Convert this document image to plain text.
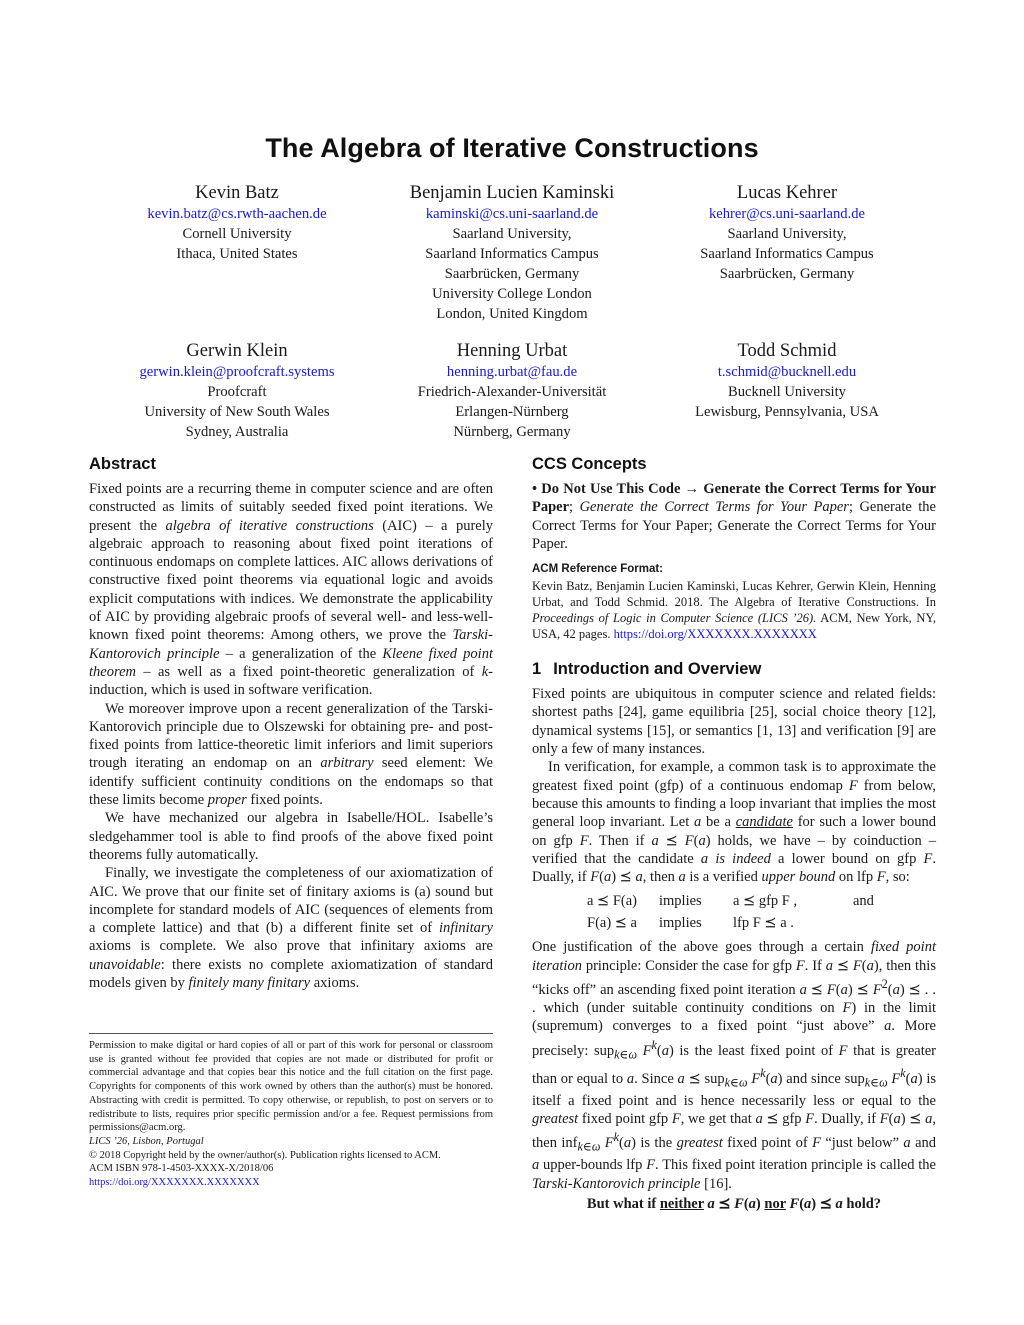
The Algebra of Iterative Constructions
Kevin Batz
kevin.batz@cs.rwth-aachen.de
Cornell University
Ithaca, United States
Benjamin Lucien Kaminski
kaminski@cs.uni-saarland.de
Saarland University,
Saarland Informatics Campus
Saarbrücken, Germany
University College London
London, United Kingdom
Lucas Kehrer
kehrer@cs.uni-saarland.de
Saarland University,
Saarland Informatics Campus
Saarbrücken, Germany
Gerwin Klein
gerwin.klein@proofcraft.systems
Proofcraft
University of New South Wales
Sydney, Australia
Henning Urbat
henning.urbat@fau.de
Friedrich-Alexander-Universität
Erlangen-Nürnberg
Nürnberg, Germany
Todd Schmid
t.schmid@bucknell.edu
Bucknell University
Lewisburg, Pennsylvania, USA
Abstract

Fixed points are a recurring theme in computer science and are often constructed as limits of suitably seeded fixed point iterations. We present the algebra of iterative constructions (AIC) – a purely algebraic approach to reasoning about fixed point iterations of continuous endomaps on complete lattices. AIC allows derivations of constructive fixed point theorems via equational logic and avoids explicit computations with indices. We demonstrate the applicability of AIC by providing algebraic proofs of several well- and less-well-known fixed point theorems: Among others, we prove the Tarski-Kantorovich principle – a generalization of the Kleene fixed point theorem – as well as a fixed point-theoretic generalization of k-induction, which is used in software verification.

We moreover improve upon a recent generalization of the Tarski-Kantorovich principle due to Olszewski for obtaining pre- and post-fixed points from lattice-theoretic limit inferiors and limit superiors trough iterating an endomap on an arbitrary seed element: We identify sufficient continuity conditions on the endomaps so that these limits become proper fixed points.

We have mechanized our algebra in Isabelle/HOL. Isabelle’s sledgehammer tool is able to find proofs of the above fixed point theorems fully automatically.

Finally, we investigate the completeness of our axiomatization of AIC. We prove that our finite set of finitary axioms is (a) sound but incomplete for standard models of AIC (sequences of elements from a complete lattice) and that (b) a different finite set of infinitary axioms is complete. We also prove that infinitary axioms are unavoidable: there exists no complete axiomatization of standard models given by finitely many finitary axioms.

Permission to make digital or hard copies of all or part of this work for personal or classroom use is granted without fee provided that copies are not made or distributed for profit or commercial advantage and that copies bear this notice and the full citation on the first page. Copyrights for components of this work owned by others than the author(s) must be honored. Abstracting with credit is permitted. To copy otherwise, or republish, to post on servers or to redistribute to lists, requires prior specific permission and/or a fee. Request permissions from permissions@acm.org.

LICS ’26, Lisbon, Portugal

© 2018 Copyright held by the owner/author(s). Publication rights licensed to ACM.

ACM ISBN 978-1-4503-XXXX-X/2018/06

https://doi.org/XXXXXXX.XXXXXXX

CCS Concepts

• Do Not Use This Code → Generate the Correct Terms for Your Paper; Generate the Correct Terms for Your Paper; Generate the Correct Terms for Your Paper; Generate the Correct Terms for Your Paper.

ACM Reference Format:

Kevin Batz, Benjamin Lucien Kaminski, Lucas Kehrer, Gerwin Klein, Henning Urbat, and Todd Schmid. 2018. The Algebra of Iterative Constructions. In Proceedings of Logic in Computer Science (LICS ’26). ACM, New York, NY, USA, 42 pages. https://doi.org/XXXXXXX.XXXXXXX

1 Introduction and Overview

Fixed points are ubiquitous in computer science and related fields: shortest paths [24], game equilibria [25], social choice theory [12], dynamical systems [15], or semantics [1, 13] and verification [9] are only a few of many instances.

In verification, for example, a common task is to approximate the greatest fixed point (gfp) of a continuous endomap F from below, because this amounts to finding a loop invariant that implies the most general loop invariant. Let a be a candidate for such a lower bound on gfp F. Then if a ⪯ F(a) holds, we have – by coinduction – verified that the candidate a is indeed a lower bound on gfp F. Dually, if F(a) ⪯ a, then a is a verified upper bound on lfp F, so:

a ⪯ F(a)	implies	a ⪯ gfp F ,	and
F(a) ⪯ a	implies	lfp F ⪯ a .

One justification of the above goes through a certain fixed point iteration principle: Consider the case for gfp F. If a ⪯ F(a), then this “kicks off” an ascending fixed point iteration a ⪯ F(a) ⪯ $F^2(a)$ ⪯ . . . which (under suitable continuity conditions on F) in the limit (supremum) converges to a fixed point “just above” a. More precisely: sup$_{k\in\omega}$ $F^k(a)$ is the least fixed point of F that is greater than or equal to a. Since a ⪯ sup$_{k\in\omega}$ $F^k(a)$ and since sup$_{k\in\omega}$ $F^k(a)$ is itself a fixed point and is hence necessarily less or equal to the greatest fixed point gfp F, we get that a ⪯ gfp F. Dually, if F(a) ⪯ a, then inf$_{k\in\omega}$ $F^k(a)$ is the greatest fixed point of F “just below” a and a upper-bounds lfp F. This fixed point iteration principle is called the Tarski-Kantorovich principle [16].

But what if neither a ⪯ F(a) nor F(a) ⪯ a hold?
